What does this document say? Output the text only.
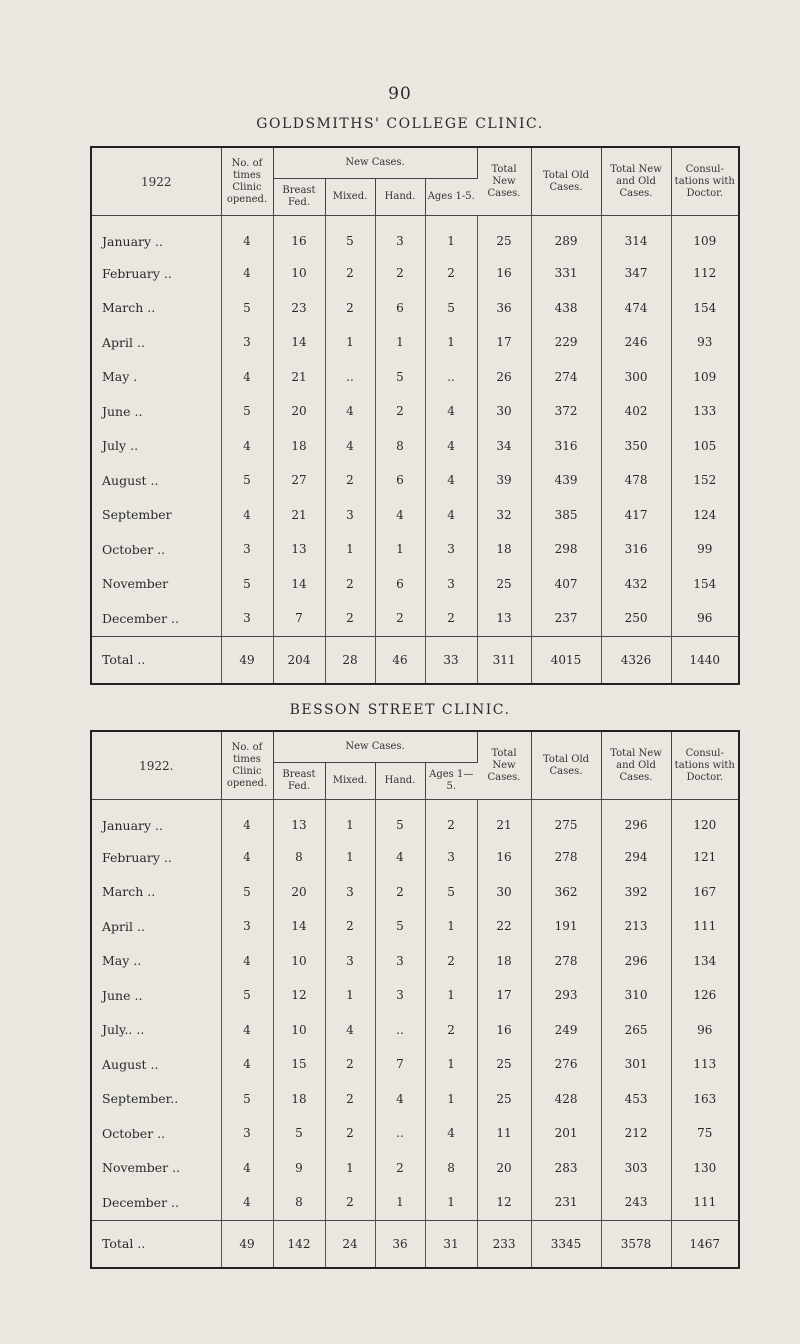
90
GOLDSMITHS' COLLEGE CLINIC.
1922	No. of times Clinic opened.	New Cases.				Total New Cases.	Total Old Cases.	Total New and Old Cases.	Consul- tations with Doctor.
		Breast Fed.	Mixed.	Hand.	Ages 1-5.				
January ..	4	16	5	3	1	25	289	314	109
February ..	4	10	2	2	2	16	331	347	112
March ..	5	23	2	6	5	36	438	474	154
April ..	3	14	1	1	1	17	229	246	93
May .	4	21	..	5	..	26	274	300	109
June ..	5	20	4	2	4	30	372	402	133
July ..	4	18	4	8	4	34	316	350	105
August ..	5	27	2	6	4	39	439	478	152
September	4	21	3	4	4	32	385	417	124
October ..	3	13	1	1	3	18	298	316	99
November	5	14	2	6	3	25	407	432	154
December ..	3	7	2	2	2	13	237	250	96
Total ..	49	204	28	46	33	311	4015	4326	1440
BESSON STREET CLINIC.
1922.	No. of times Clinic opened.	New Cases.				Total New Cases.	Total Old Cases.	Total New and Old Cases.	Consul- tations with Doctor.
		Breast Fed.	Mixed.	Hand.	Ages 1—5.				
January ..	4	13	1	5	2	21	275	296	120
February ..	4	8	1	4	3	16	278	294	121
March ..	5	20	3	2	5	30	362	392	167
April ..	3	14	2	5	1	22	191	213	111
May ..	4	10	3	3	2	18	278	296	134
June ..	5	12	1	3	1	17	293	310	126
July.. ..	4	10	4	..	2	16	249	265	96
August ..	4	15	2	7	1	25	276	301	113
September..	5	18	2	4	1	25	428	453	163
October ..	3	5	2	..	4	11	201	212	75
November ..	4	9	1	2	8	20	283	303	130
December ..	4	8	2	1	1	12	231	243	111
Total ..	49	142	24	36	31	233	3345	3578	1467
